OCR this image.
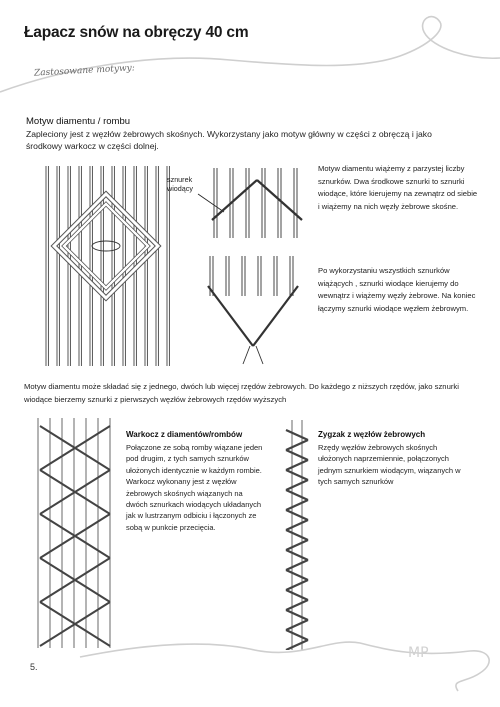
Łapacz snów na obręczy 40 cm
Zastosowane motywy:
Motyw diamentu / rombu
Zapleciony jest z węzłów żebrowych skośnych. Wykorzystany jako motyw główny w części z obręczą i jako środkowy warkocz w części dolnej.
sznurek wiodący
Motyw diamentu wiążemy z parzystej liczby sznurków. Dwa środkowe sznurki to sznurki wiodące, które kierujemy na zewnątrz od siebie i wiążemy na nich węzły żebrowe skośne.
Po wykorzystaniu wszystkich sznurków wiążących , sznurki wiodące kierujemy do wewnątrz i wiążemy węzły żebrowe. Na koniec łączymy sznurki wiodące węzłem żebrowym.
Motyw diamentu może składać się z jednego, dwóch lub więcej rzędów żebrowych. Do każdego z niższych rzędów, jako sznurki wiodące bierzemy sznurki z pierwszych węzłów żebrowych rzędów wyższych
Warkocz z diamentów/rombów
Połączone ze sobą romby wiązane jeden pod drugim, z tych samych sznurków ułożonych identycznie w każdym rombie. Warkocz wykonany jest z węzłów żebrowych skośnych wiązanych na dwóch sznurkach wiodących układanych jak w lustrzanym odbiciu i łączonych ze sobą w punkcie przecięcia.
Zygzak z węzłów żebrowych
Rzędy węzłów żebrowych skośnych ułożonych naprzemiennie, połączonych jednym sznurkiem wiodącym, wiązanych w tych samych sznurków
MP
5.
